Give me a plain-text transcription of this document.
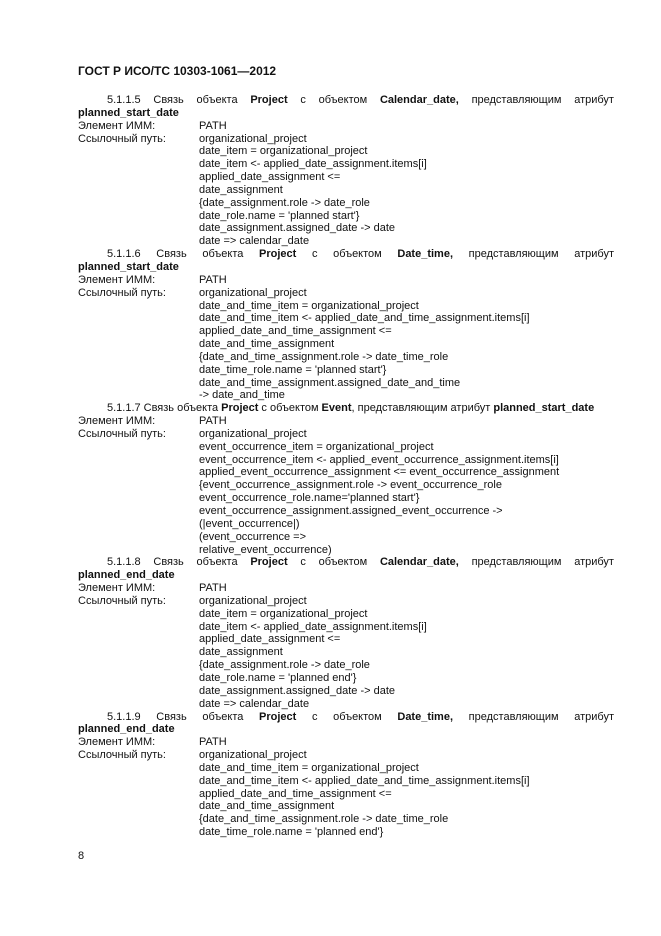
ГОСТ Р ИСО/ТС 10303-1061—2012
5.1.1.5 Связь объекта Project с объектом Calendar_date, представляющим атрибут
planned_start_date
Элемент ИММ:	PATH
Ссылочный путь:	organizational_project
date_item = organizational_project
date_item <- applied_date_assignment.items[i]
applied_date_assignment <=
date_assignment
{date_assignment.role -> date_role
date_role.name = 'planned start'}
date_assignment.assigned_date -> date
date => calendar_date
5.1.1.6 Связь объекта Project с объектом Date_time, представляющим атрибут
planned_start_date
Элемент ИММ:	PATH
Ссылочный путь:	organizational_project
date_and_time_item = organizational_project
date_and_time_item <- applied_date_and_time_assignment.items[i]
applied_date_and_time_assignment <=
date_and_time_assignment
{date_and_time_assignment.role -> date_time_role
date_time_role.name = 'planned start'}
date_and_time_assignment.assigned_date_and_time
-> date_and_time
5.1.1.7 Связь объекта Project с объектом Event , представляющим атрибут planned_start_date
Элемент ИММ:	PATH
Ссылочный путь:	organizational_project
event_occurrence_item = organizational_project
event_occurrence_item <- applied_event_occurrence_assignment.items[i]
applied_event_occurrence_assignment <= event_occurrence_assignment
{event_occurrence_assignment.role -> event_occurrence_role
event_occurrence_role.name='planned start'}
event_occurrence_assignment.assigned_event_occurrence ->
(|event_occurrence|)
(event_occurrence =>
relative_event_occurrence)
5.1.1.8 Связь объекта Project с объектом Calendar_date, представляющим атрибут
planned_end_date
Элемент ИММ:	PATH
Ссылочный путь:	organizational_project
date_item = organizational_project
date_item <- applied_date_assignment.items[i]
applied_date_assignment <=
date_assignment
{date_assignment.role -> date_role
date_role.name = 'planned end'}
date_assignment.assigned_date -> date
date => calendar_date
5.1.1.9 Связь объекта Project с объектом Date_time, представляющим атрибут
planned_end_date
Элемент ИММ:	PATH
Ссылочный путь:	organizational_project
date_and_time_item = organizational_project
date_and_time_item <- applied_date_and_time_assignment.items[i]
applied_date_and_time_assignment <=
date_and_time_assignment
{date_and_time_assignment.role -> date_time_role
date_time_role.name = 'planned end'}
8
